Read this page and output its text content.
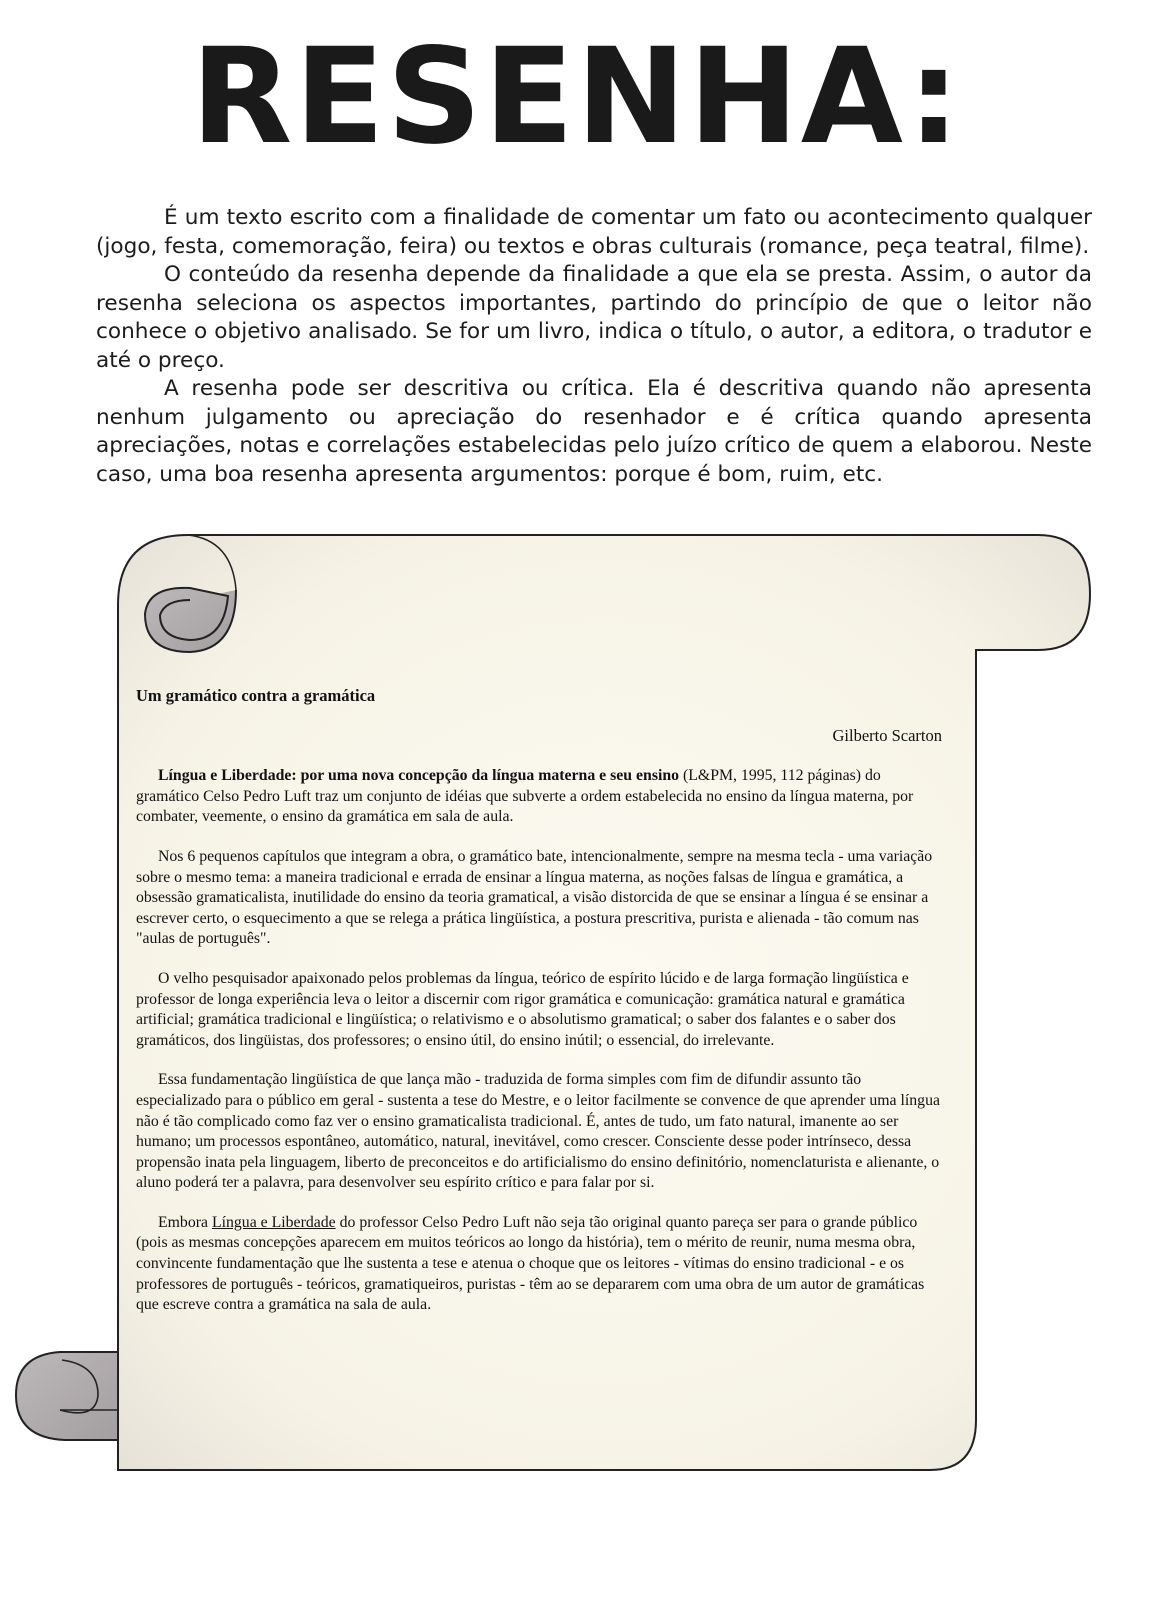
RESENHA:

É um texto escrito com a finalidade de comentar um fato ou acontecimento qualquer (jogo, festa, comemoração, feira) ou textos e obras culturais (romance, peça teatral, filme).

O conteúdo da resenha depende da finalidade a que ela se presta. Assim, o autor da resenha seleciona os aspectos importantes, partindo do princípio de que o leitor não conhece o objetivo analisado. Se for um livro, indica o título, o autor, a editora, o tradutor e até o preço.

A resenha pode ser descritiva ou crítica. Ela é descritiva quando não apresenta nenhum julgamento ou apreciação do resenhador e é crítica quando apresenta apreciações, notas e correlações estabelecidas pelo juízo crítico de quem a elaborou. Neste caso, uma boa resenha apresenta argumentos: porque é bom, ruim, etc.

Um gramático contra a gramática

Gilberto Scarton

Língua e Liberdade: por uma nova concepção da língua materna e seu ensino (L&PM, 1995, 112 páginas) do gramático Celso Pedro Luft traz um conjunto de idéias que subverte a ordem estabelecida no ensino da língua materna, por combater, veemente, o ensino da gramática em sala de aula.

Nos 6 pequenos capítulos que integram a obra, o gramático bate, intencionalmente, sempre na mesma tecla - uma variação sobre o mesmo tema: a maneira tradicional e errada de ensinar a língua materna, as noções falsas de língua e gramática, a obsessão gramaticalista, inutilidade do ensino da teoria gramatical, a visão distorcida de que se ensinar a língua é se ensinar a escrever certo, o esquecimento a que se relega a prática lingüística, a postura prescritiva, purista e alienada - tão comum nas "aulas de português".

O velho pesquisador apaixonado pelos problemas da língua, teórico de espírito lúcido e de larga formação lingüística e professor de longa experiência leva o leitor a discernir com rigor gramática e comunicação: gramática natural e gramática artificial; gramática tradicional e lingüística; o relativismo e o absolutismo gramatical; o saber dos falantes e o saber dos gramáticos, dos lingüistas, dos professores; o ensino útil, do ensino inútil; o essencial, do irrelevante.

Essa fundamentação lingüística de que lança mão - traduzida de forma simples com fim de difundir assunto tão especializado para o público em geral - sustenta a tese do Mestre, e o leitor facilmente se convence de que aprender uma língua não é tão complicado como faz ver o ensino gramaticalista tradicional. É, antes de tudo, um fato natural, imanente ao ser humano; um processos espontâneo, automático, natural, inevitável, como crescer. Consciente desse poder intrínseco, dessa propensão inata pela linguagem, liberto de preconceitos e do artificialismo do ensino definitório, nomenclaturista e alienante, o aluno poderá ter a palavra, para desenvolver seu espírito crítico e para falar por si.

Embora Língua e Liberdade do professor Celso Pedro Luft não seja tão original quanto pareça ser para o grande público (pois as mesmas concepções aparecem em muitos teóricos ao longo da história), tem o mérito de reunir, numa mesma obra, convincente fundamentação que lhe sustenta a tese e atenua o choque que os leitores - vítimas do ensino tradicional - e os professores de português - teóricos, gramatiqueiros, puristas - têm ao se depararem com uma obra de um autor de gramáticas que escreve contra a gramática na sala de aula.
